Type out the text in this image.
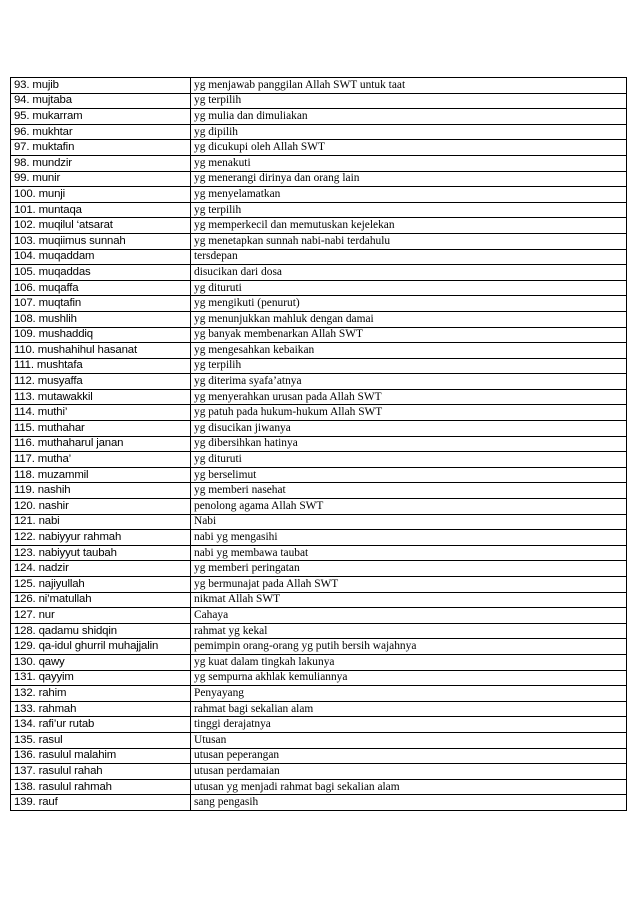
93. mujib	yg menjawab panggilan Allah SWT untuk taat
94. mujtaba	yg terpilih
95. mukarram	yg mulia dan dimuliakan
96. mukhtar	yg dipilih
97. muktafin	yg dicukupi oleh Allah SWT
98. mundzir	yg menakuti
99. munir	yg menerangi dirinya dan orang lain
100. munji	yg menyelamatkan
101. muntaqa	yg terpilih
102. muqilul ‘atsarat	yg memperkecil dan memutuskan kejelekan
103. muqiimus sunnah	yg menetapkan sunnah nabi-nabi terdahulu
104. muqaddam	tersdepan
105. muqaddas	disucikan dari dosa
106. muqaffa	yg dituruti
107. muqtafin	yg mengikuti (penurut)
108. mushlih	yg menunjukkan mahluk dengan damai
109. mushaddiq	yg banyak membenarkan Allah SWT
110. mushahihul hasanat	yg mengesahkan kebaikan
111. mushtafa	yg terpilih
112. musyaffa	yg diterima syafa’atnya
113. mutawakkil	yg menyerahkan urusan pada Allah SWT
114. muthi’	yg patuh pada hukum-hukum Allah SWT
115. muthahar	yg disucikan jiwanya
116. muthaharul janan	yg dibersihkan hatinya
117. mutha’	yg dituruti
118. muzammil	yg berselimut
119. nashih	yg memberi nasehat
120. nashir	penolong agama Allah SWT
121. nabi	Nabi
122. nabiyyur rahmah	nabi yg mengasihi
123. nabiyyut taubah	nabi yg membawa taubat
124. nadzir	yg memberi peringatan
125. najiyullah	yg bermunajat pada Allah SWT
126. ni’matullah	nikmat Allah SWT
127. nur	Cahaya
128. qadamu shidqin	rahmat yg kekal
129. qa-idul ghurril muhajjalin	pemimpin orang-orang yg putih bersih wajahnya
130. qawy	yg kuat dalam tingkah lakunya
131. qayyim	yg sempurna akhlak kemuliannya
132. rahim	Penyayang
133. rahmah	rahmat bagi sekalian alam
134. rafi’ur rutab	tinggi derajatnya
135. rasul	Utusan
136. rasulul malahim	utusan peperangan
137. rasulul rahah	utusan perdamaian
138. rasulul rahmah	utusan yg menjadi rahmat bagi sekalian alam
139. rauf	sang pengasih
